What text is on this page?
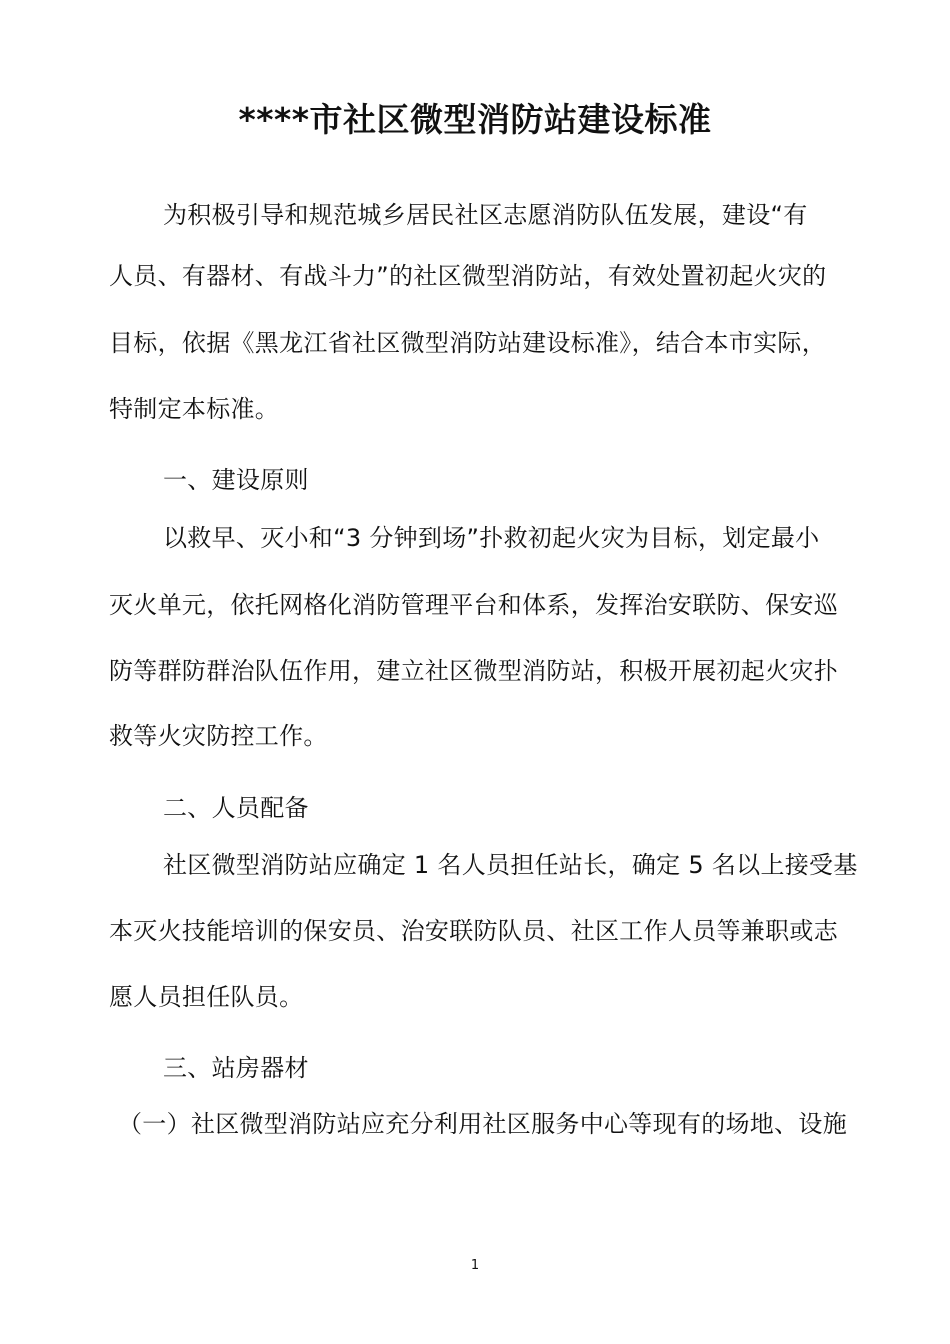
****市社区微型消防站建设标准

为积极引导和规范城乡居民社区志愿消防队伍发展，建设“有

人员、有器材、有战斗力”的社区微型消防站，有效处置初起火灾的

目标，依据《黑龙江省社区微型消防站建设标准》，结合本市实际，

特制定本标准。

一、建设原则

以救早、灭小和“3 分钟到场”扑救初起火灾为目标，划定最小

灭火单元，依托网格化消防管理平台和体系，发挥治安联防、保安巡

防等群防群治队伍作用，建立社区微型消防站，积极开展初起火灾扑

救等火灾防控工作。

二、人员配备

社区微型消防站应确定 1 名人员担任站长，确定 5 名以上接受基

本灭火技能培训的保安员、治安联防队员、社区工作人员等兼职或志

愿人员担任队员。

三、站房器材

（一）社区微型消防站应充分利用社区服务中心等现有的场地、设施

1
